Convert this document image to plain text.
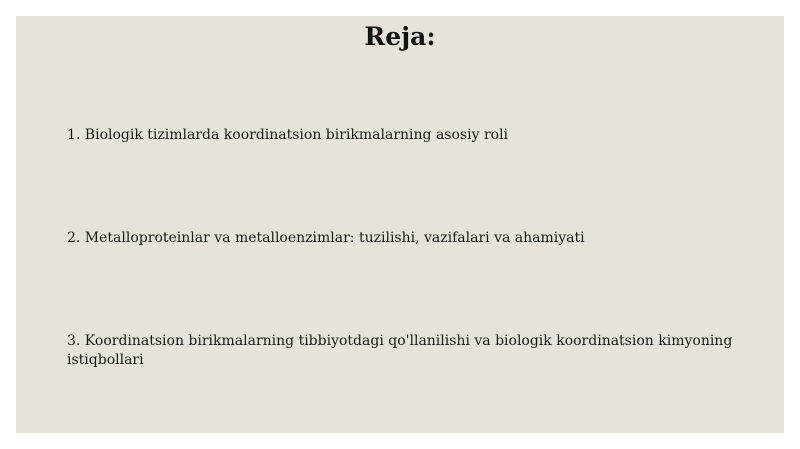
Reja:
1. Biologik tizimlarda koordinatsion birikmalarning asosiy roli
2. Metalloproteinlar va metalloenzimlar: tuzilishi, vazifalari va ahamiyati
3. Koordinatsion birikmalarning tibbiyotdagi qo'llanilishi va biologik koordinatsion kimyoning istiqbollari
